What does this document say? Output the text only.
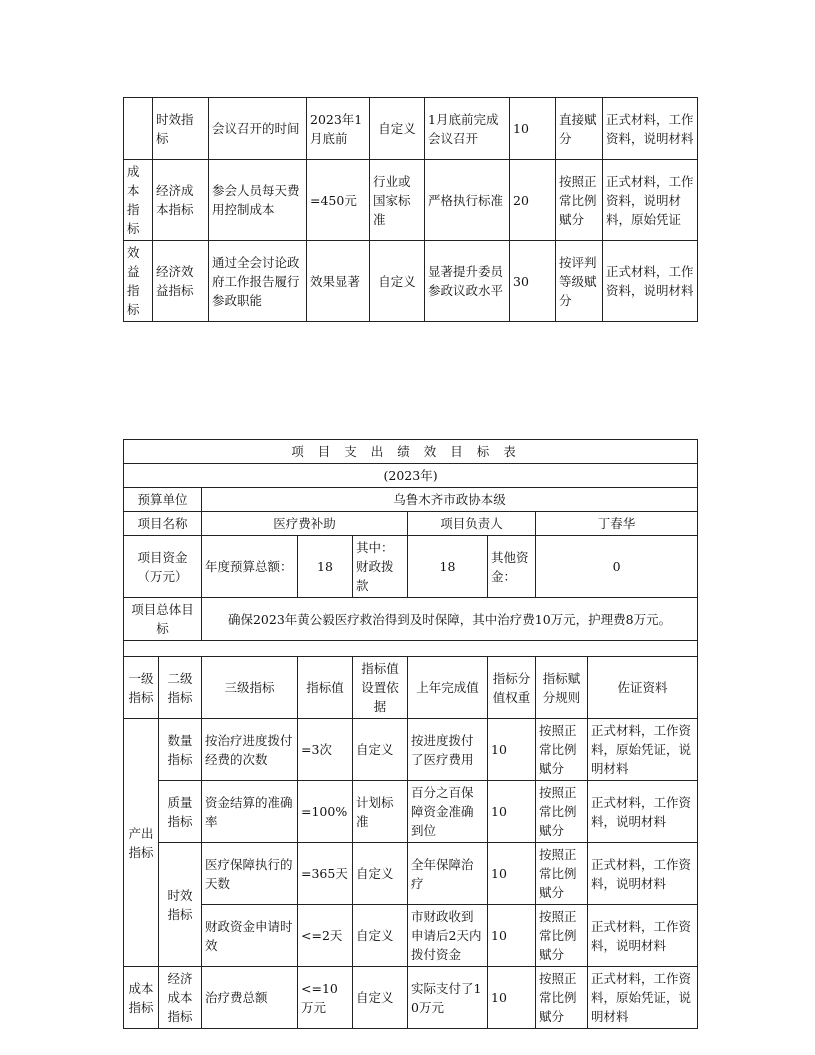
	时效指标	会议召开的时间	2023年1月底前	自定义	1月底前完成会议召开	10	直接赋分	正式材料，工作资料，说明材料
成本指标	经济成本指标	参会人员每天费用控制成本	=450元	行业或国家标准	严格执行标准	20	按照正常比例赋分	正式材料，工作资料，说明材料，原始凭证
效益指标	经济效益指标	通过全会讨论政府工作报告履行参政职能	效果显著	自定义	显著提升委员参政议政水平	30	按评判等级赋分	正式材料，工作资料，说明材料
项目支出绩效目标表								
(2023年)								
预算单位		乌鲁木齐市政协本级						
项目名称		医疗费补助			项目负责人		丁春华	
项目资金（万元）		年度预算总额：	18	其中：财政拨款	18	其他资金：	0	
项目总体目标		确保2023年黄公毅医疗救治得到及时保障，其中治疗费10万元，护理费8万元。						

一级指标	二级指标	三级指标	指标值	指标值设置依据	上年完成值	指标分值权重	指标赋分规则	佐证资料
产出指标	数量指标	按治疗进度拨付经费的次数	=3次	自定义	按进度拨付了医疗费用	10	按照正常比例赋分	正式材料，工作资料，原始凭证，说明材料
	质量指标	资金结算的准确率	=100%	计划标准	百分之百保障资金准确到位	10	按照正常比例赋分	正式材料，工作资料，说明材料
	时效指标	医疗保障执行的天数	=365天	自定义	全年保障治疗	10	按照正常比例赋分	正式材料，工作资料，说明材料
		财政资金申请时效	<=2天	自定义	市财政收到申请后2天内拨付资金	10	按照正常比例赋分	正式材料，工作资料，说明材料
成本指标	经济成本指标	治疗费总额	<=10万元	自定义	实际支付了10万元	10	按照正常比例赋分	正式材料，工作资料，原始凭证，说明材料
